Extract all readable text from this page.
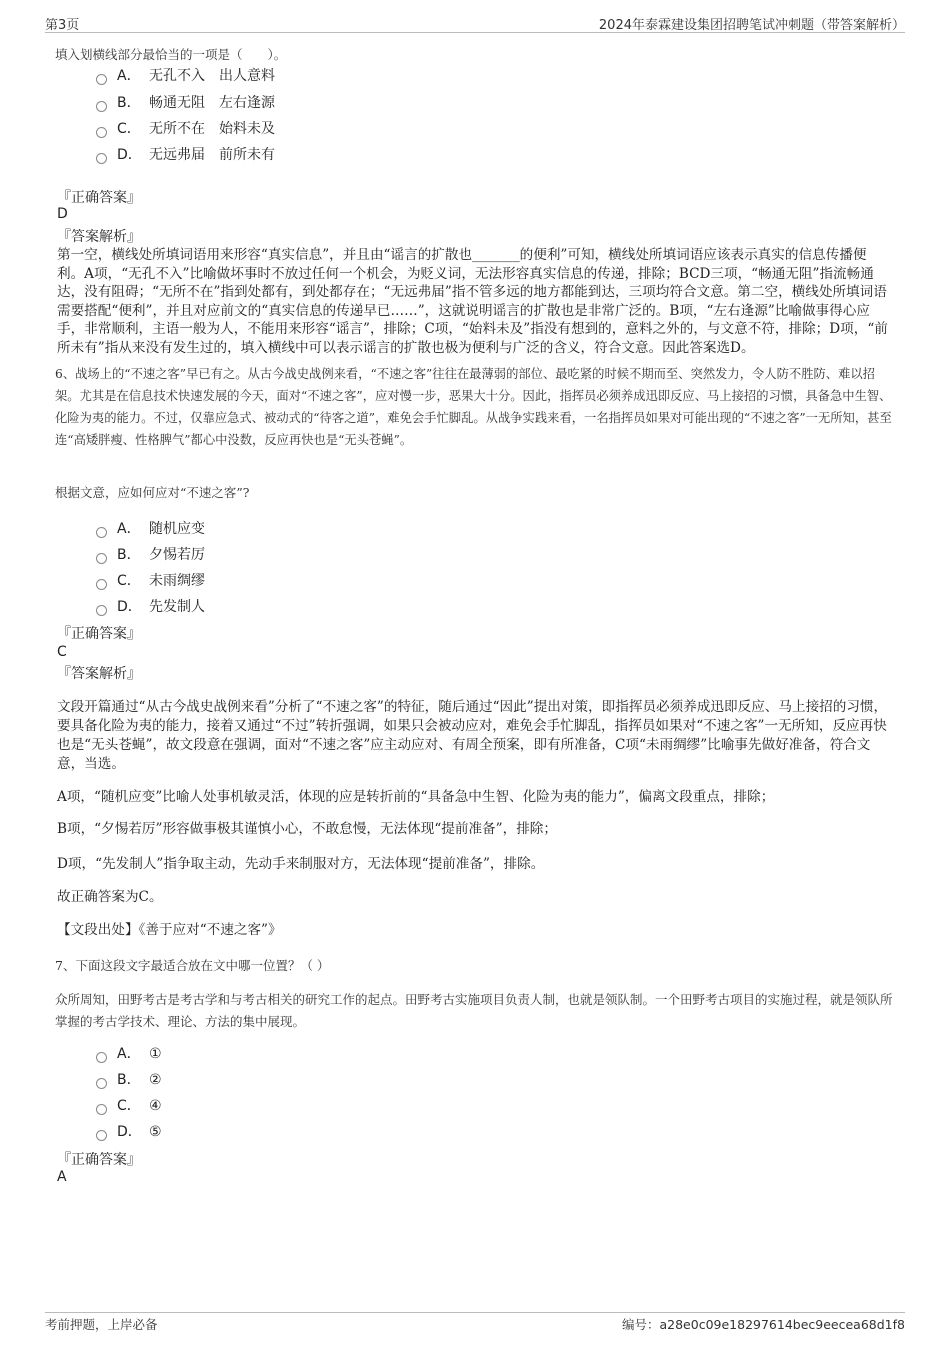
第3页	2024年泰霖建设集团招聘笔试冲刺题（带答案解析）
填入划横线部分最恰当的一项是（　　）。
A． 无孔不入　出人意料
B． 畅通无阻　左右逢源
C． 无所不在　始料未及
D． 无远弗届　前所未有
『正确答案』
D
『答案解析』
第一空，横线处所填词语用来形容“真实信息”，并且由“谣言的扩散也_______的便利”可知，横线处所填词语应该表示真实的信息传播便利。A项，“无孔不入”比喻做坏事时不放过任何一个机会，为贬义词，无法形容真实信息的传递，排除；BCD三项，“畅通无阻”指流畅通达，没有阻碍；“无所不在”指到处都有，到处都存在；“无远弗届”指不管多远的地方都能到达，三项均符合文意。第二空，横线处所填词语需要搭配“便利”，并且对应前文的“真实信息的传递早已……”，这就说明谣言的扩散也是非常广泛的。B项，“左右逢源”比喻做事得心应手，非常顺利，主语一般为人，不能用来形容“谣言”，排除；C项，“始料未及”指没有想到的，意料之外的，与文意不符，排除；D项，“前所未有”指从来没有发生过的，填入横线中可以表示谣言的扩散也极为便利与广泛的含义，符合文意。因此答案选D。
6、战场上的“不速之客”早已有之。从古今战史战例来看，“不速之客”往往在最薄弱的部位、最吃紧的时候不期而至、突然发力，令人防不胜防、难以招架。尤其是在信息技术快速发展的今天，面对“不速之客”，应对慢一步，恶果大十分。因此，指挥员必须养成迅即反应、马上接招的习惯，具备急中生智、化险为夷的能力。不过，仅靠应急式、被动式的“待客之道”，难免会手忙脚乱。从战争实践来看，一名指挥员如果对可能出现的“不速之客”一无所知，甚至连“高矮胖瘦、性格脾气”都心中没数，反应再快也是“无头苍蝇”。
根据文意，应如何应对“不速之客”?
A． 随机应变
B． 夕惕若厉
C． 未雨绸缪
D． 先发制人
『正确答案』
C
『答案解析』
文段开篇通过“从古今战史战例来看”分析了“不速之客”的特征，随后通过“因此”提出对策，即指挥员必须养成迅即反应、马上接招的习惯，要具备化险为夷的能力，接着又通过“不过”转折强调，如果只会被动应对，难免会手忙脚乱，指挥员如果对“不速之客”一无所知，反应再快也是“无头苍蝇”，故文段意在强调，面对“不速之客”应主动应对、有周全预案，即有所准备，C项“未雨绸缪”比喻事先做好准备，符合文意，当选。
A项，“随机应变”比喻人处事机敏灵活，体现的应是转折前的“具备急中生智、化险为夷的能力”，偏离文段重点，排除；
B项，“夕惕若厉”形容做事极其谨慎小心，不敢怠慢，无法体现“提前准备”，排除；
D项，“先发制人”指争取主动，先动手来制服对方，无法体现“提前准备”，排除。
故正确答案为C。
【文段出处】《善于应对“不速之客”》
7、下面这段文字最适合放在文中哪一位置？（ ）
众所周知，田野考古是考古学和与考古相关的研究工作的起点。田野考古实施项目负责人制，也就是领队制。一个田野考古项目的实施过程，就是领队所掌握的考古学技术、理论、方法的集中展现。
A． ①
B． ②
C． ④
D． ⑤
『正确答案』
A
考前押题，上岸必备	编号：a28e0c09e18297614bec9eecea68d1f8
